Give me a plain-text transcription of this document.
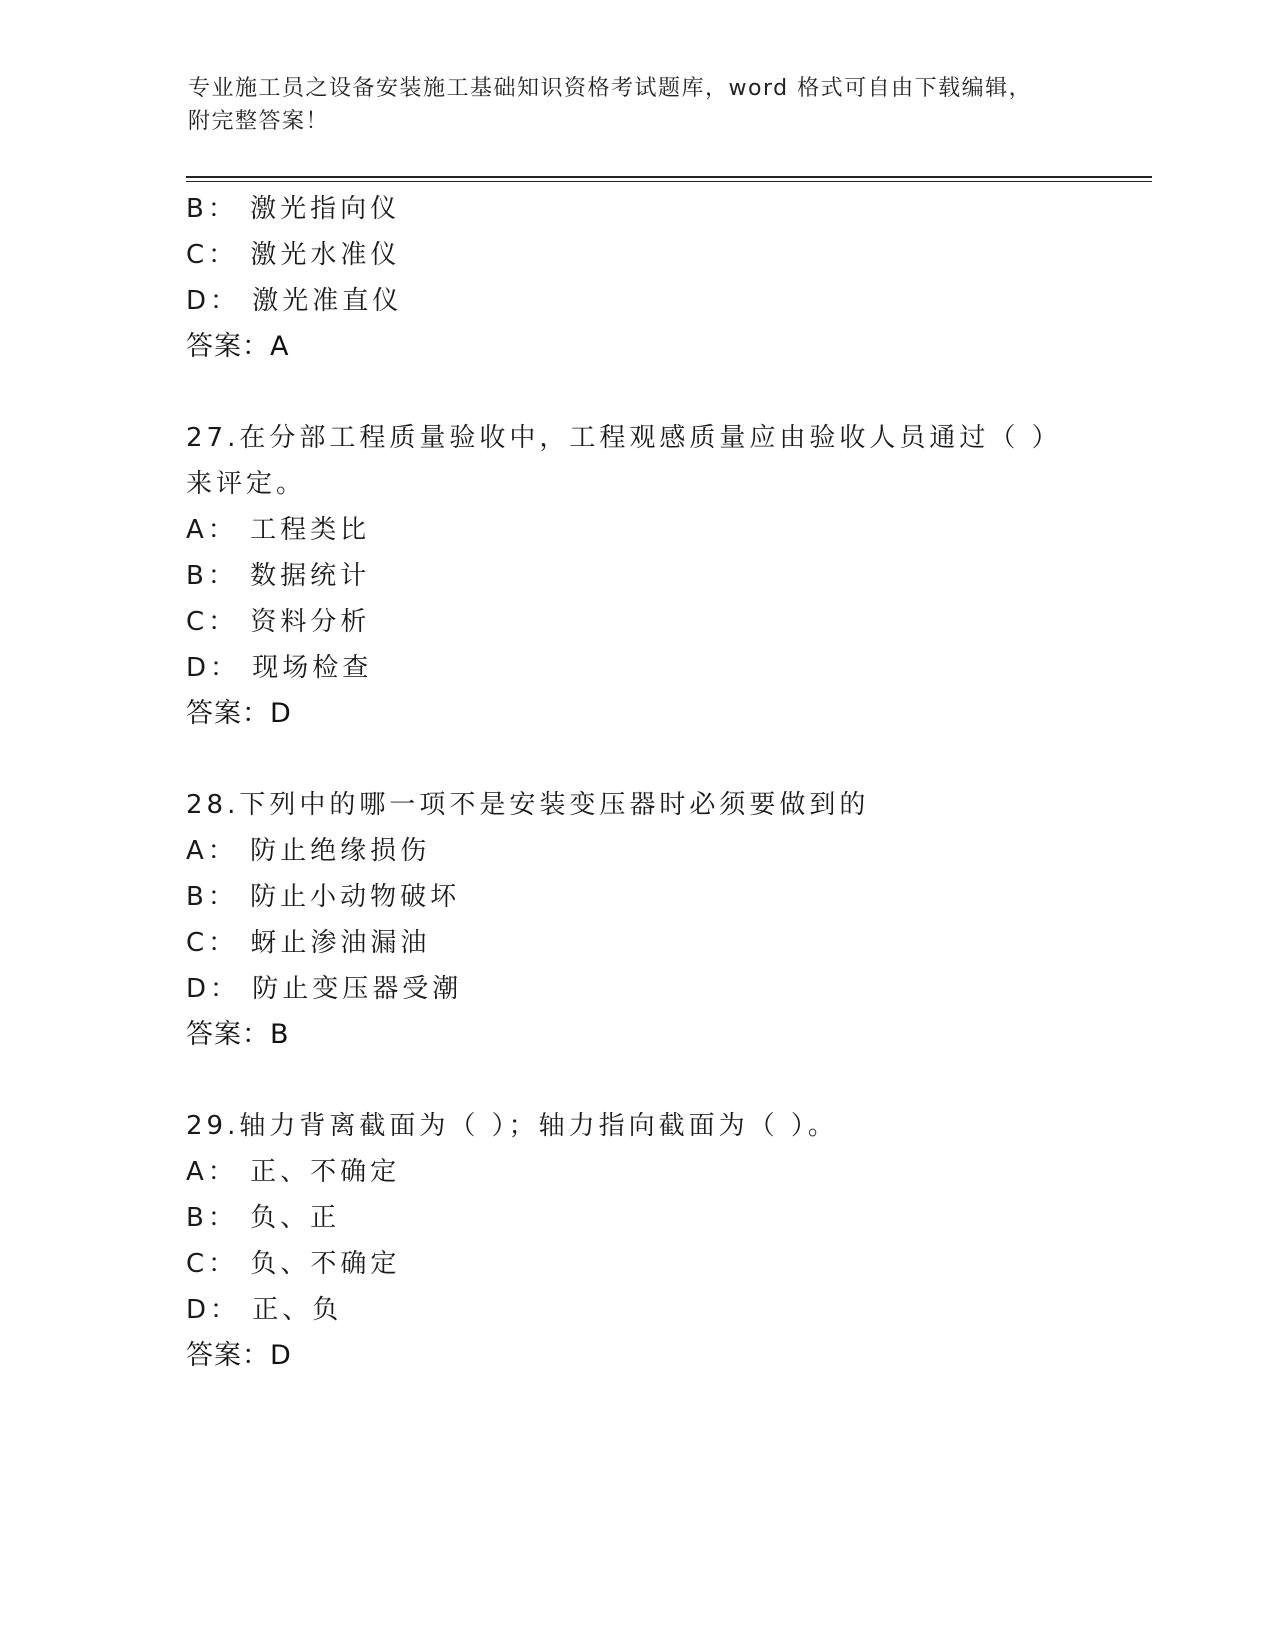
专业施工员之设备安装施工基础知识资格考试题库，word 格式可自由下载编辑，
附完整答案！
B： 激光指向仪
C： 激光水准仪
D： 激光准直仪
答案：A
27.在分部工程质量验收中，工程观感质量应由验收人员通过（ ）来评定。
A： 工程类比
B： 数据统计
C： 资料分析
D： 现场检查
答案：D
28.下列中的哪一项不是安装变压器时必须要做到的
A： 防止绝缘损伤
B： 防止小动物破坏
C： 蚜止渗油漏油
D： 防止变压器受潮
答案：B
29.轴力背离截面为（ ）；轴力指向截面为（ ）。
A： 正、不确定
B： 负、正
C： 负、不确定
D： 正、负
答案：D
